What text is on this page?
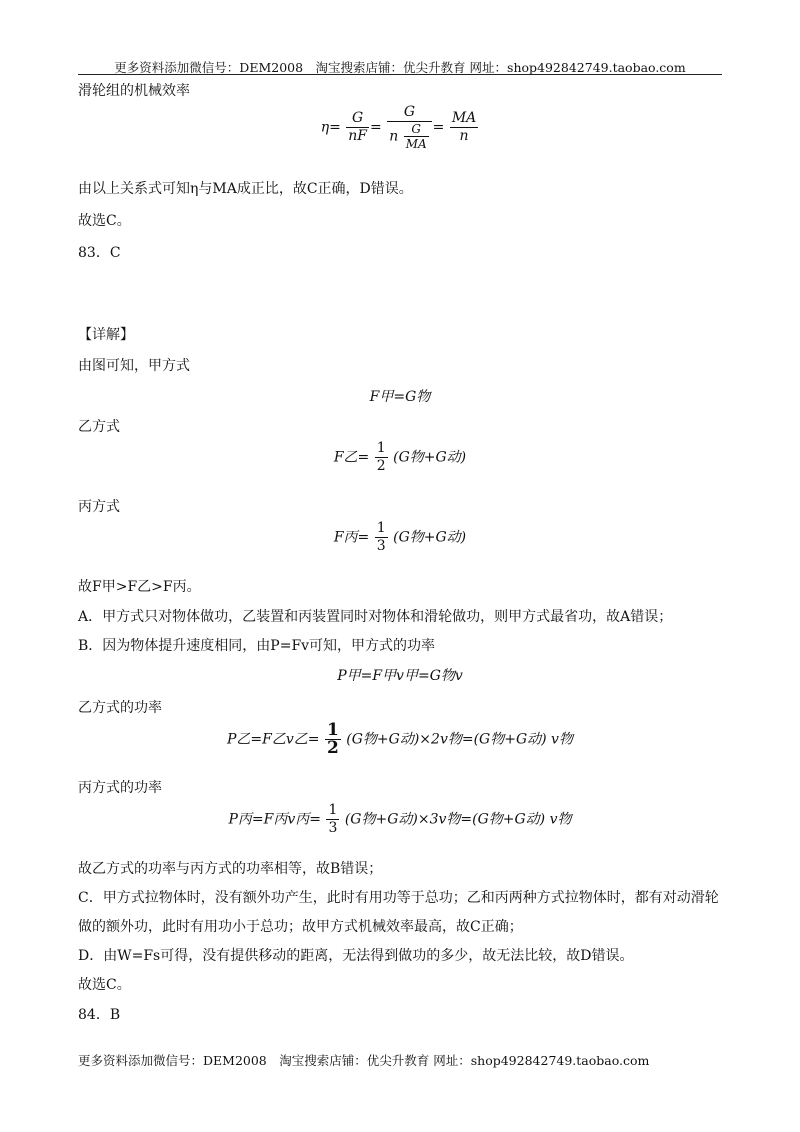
更多资料添加微信号：DEM2008　淘宝搜索店铺：优尖升教育 网址：shop492842749.taobao.com
滑轮组的机械效率
$\eta= \frac{G}{nF} = \frac{G}{n \frac{G}{MA}} = \frac{MA}{n}$
由以上关系式可知η与MA成正比，故C正确，D错误。
故选C。
83．C
【详解】
由图可知，甲方式
F甲=G物
乙方式
F乙= $\frac{1}{2} (G$物+G动)
丙方式
F丙= $\frac{1}{3} (G$物+G动)
故F甲>F乙>F丙。
A．甲方式只对物体做功，乙装置和丙装置同时对物体和滑轮做功，则甲方式最省功，故A错误；
B．因为物体提升速度相同，由P=Fv可知，甲方式的功率
P甲=F甲v甲=G物v
乙方式的功率
P乙=F乙v乙= $\frac{1}{2} (G$物+G动)×2v物=(G物+G动) v物
丙方式的功率
P丙=F丙v丙= $\frac{1}{3} (G$物+G动)×3v物=(G物+G动) v物
故乙方式的功率与丙方式的功率相等，故B错误；
C．甲方式拉物体时，没有额外功产生，此时有用功等于总功；乙和丙两种方式拉物体时，都有对动滑轮
做的额外功，此时有用功小于总功；故甲方式机械效率最高，故C正确；
D．由W=Fs可得，没有提供移动的距离，无法得到做功的多少，故无法比较，故D错误。
故选C。
84．B
更多资料添加微信号：DEM2008　淘宝搜索店铺：优尖升教育 网址：shop492842749.taobao.com
